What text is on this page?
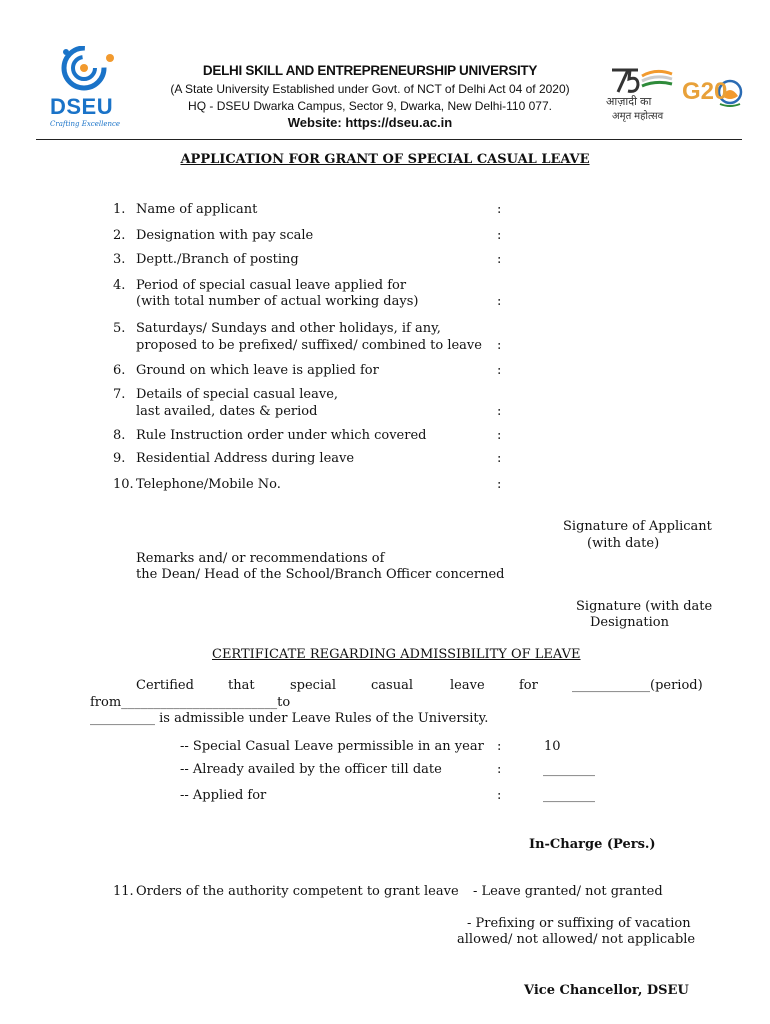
DSEU
Crafting Excellence
DELHI SKILL AND ENTREPRENEURSHIP UNIVERSITY
(A State University Established under Govt. of NCT of Delhi Act 04 of 2020)
HQ - DSEU Dwarka Campus, Sector 9, Dwarka, New Delhi-110 077.
Website: https://dseu.ac.in
आज़ादी का
अमृत महोत्सव
G20
APPLICATION FOR GRANT OF SPECIAL CASUAL LEAVE
1. Name of applicant	:
2. Designation with pay scale	:
3. Deptt./Branch of posting	:
4. Period of special casual leave applied for
(with total number of actual working days)	:
5. Saturdays/ Sundays and other holidays, if any,
proposed to be prefixed/ suffixed/ combined to leave :
6. Ground on which leave is applied for	:
7. Details of special casual leave,
last availed, dates & period	:
8. Rule Instruction order under which covered	:
9. Residential Address during leave	:
10. Telephone/Mobile No.	:
Signature of Applicant
(with date)
Remarks and/ or recommendations of
the Dean/ Head of the School/Branch Officer concerned
Signature (with date
Designation
CERTIFICATE REGARDING ADMISSIBILITY OF LEAVE
Certified	that	special	casual	leave	for	____________(period)
from________________________to
__________ is admissible under Leave Rules of the University.
-- Special Casual Leave permissible in an year :	10
-- Already availed by the officer till date	:	________
-- Applied for	:	________
In-Charge (Pers.)
11. Orders of the authority competent to grant leave - Leave granted/ not granted
- Prefixing or suffixing of vacation
allowed/ not allowed/ not applicable
Vice Chancellor, DSEU
